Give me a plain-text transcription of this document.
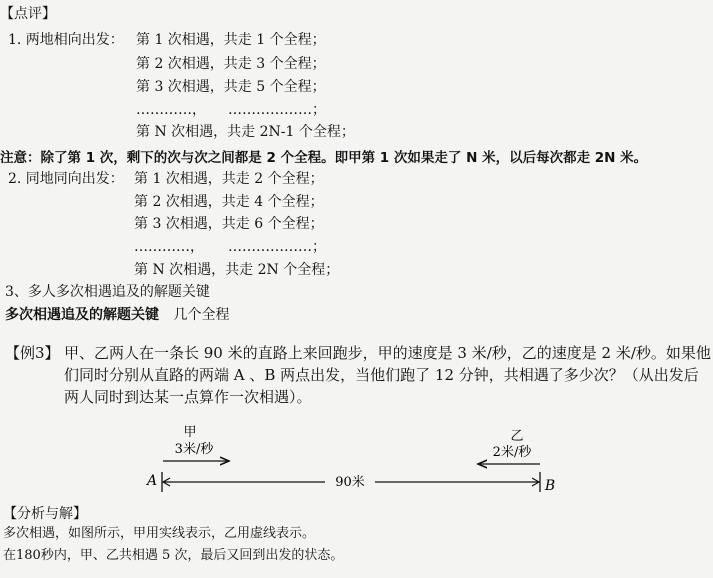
【点评】
1. 两地相向出发： 第 1 次相遇，共走 1 个全程；
第 2 次相遇，共走 3 个全程；
第 3 次相遇，共走 5 个全程；
…………， ………………；
第 N 次相遇，共走 2N-1 个全程；
注意：除了第 1 次，剩下的次与次之间都是 2 个全程。即甲第 1 次如果走了 N 米，以后每次都走 2N 米。
2. 同地同向出发： 第 1 次相遇，共走 2 个全程；
第 2 次相遇，共走 4 个全程；
第 3 次相遇，共走 6 个全程；
…………， ………………；
第 N 次相遇，共走 2N 个全程；
3、多人多次相遇追及的解题关键
多次相遇追及的解题关键 几个全程
【例3】 甲、乙两人在一条长 90 米的直路上来回跑步，甲的速度是 3 米/秒，乙的速度是 2 米/秒。如果他
们同时分别从直路的两端 A 、B 两点出发，当他们跑了 12 分钟，共相遇了多少次？（从出发后
两人同时到达某一点算作一次相遇）。
甲
3米/秒
乙
2米/秒
90米
A	B
【分析与解】
多次相遇，如图所示，甲用实线表示，乙用虚线表示。
在180秒内，甲、乙共相遇 5 次，最后又回到出发的状态。
